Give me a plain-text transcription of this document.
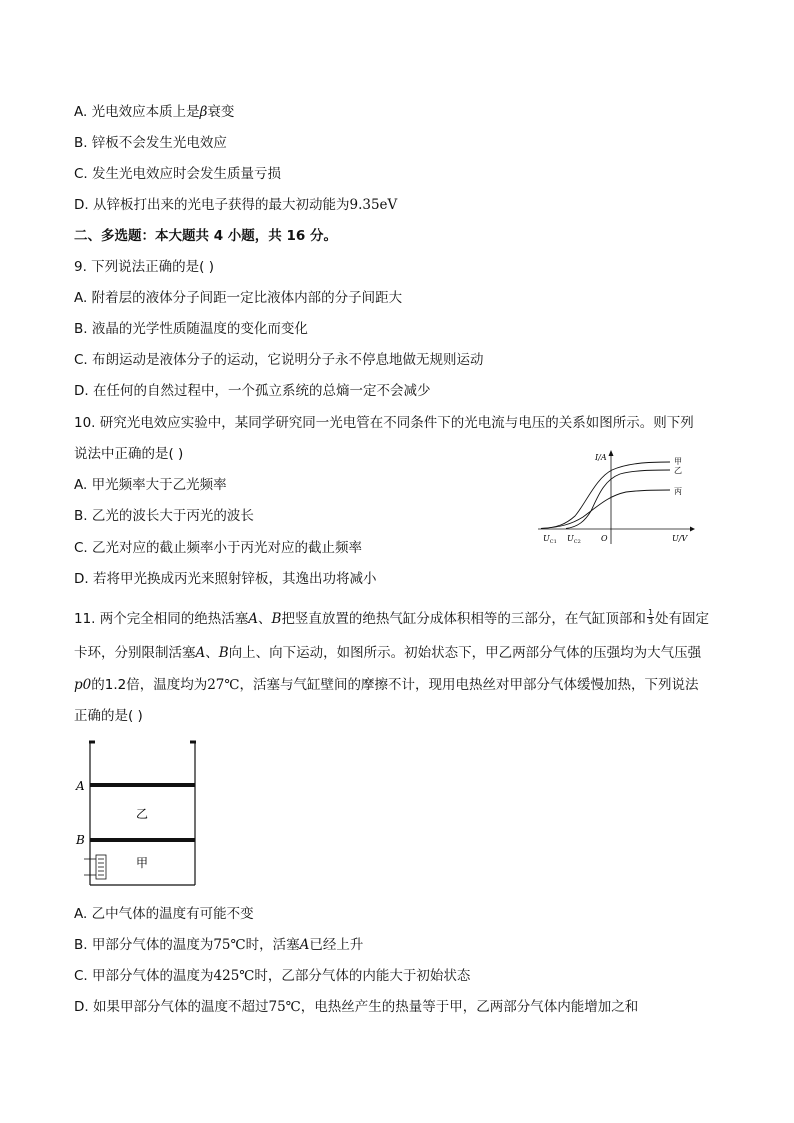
A. 光电效应本质上是β衰变
B. 锌板不会发生光电效应
C. 发生光电效应时会发生质量亏损
D. 从锌板打出来的光电子获得的最大初动能为9.35eV
二、多选题：本大题共 4 小题，共 16 分。
9. 下列说法正确的是( )
A. 附着层的液体分子间距一定比液体内部的分子间距大
B. 液晶的光学性质随温度的变化而变化
C. 布朗运动是液体分子的运动，它说明分子永不停息地做无规则运动
D. 在任何的自然过程中，一个孤立系统的总熵一定不会减少
10. 研究光电效应实验中，某同学研究同一光电管在不同条件下的光电流与电压的关系如图所示。则下列
说法中正确的是( )
A. 甲光频率大于乙光频率
B. 乙光的波长大于丙光的波长
C. 乙光对应的截止频率小于丙光对应的截止频率
D. 若将甲光换成丙光来照射锌板，其逸出功将减小
I/A
U/V
O
$U_{C1}$ $U_{C2}$
甲
乙
丙
11. 两个完全相同的绝热活塞A、B把竖直放置的绝热气缸分成体积相等的三部分，在气缸顶部和 $\frac{1}{3}$ 处有固定
卡环，分别限制活塞A、B向上、向下运动，如图所示。初始状态下，甲乙两部分气体的压强均为大气压强
p0的1.2倍，温度均为27℃，活塞与气缸壁间的摩擦不计，现用电热丝对甲部分气体缓慢加热，下列说法
正确的是( )
A
B
乙
甲
A. 乙中气体的温度有可能不变
B. 甲部分气体的温度为75℃时，活塞A已经上升
C. 甲部分气体的温度为425℃时，乙部分气体的内能大于初始状态
D. 如果甲部分气体的温度不超过75℃，电热丝产生的热量等于甲，乙两部分气体内能增加之和
